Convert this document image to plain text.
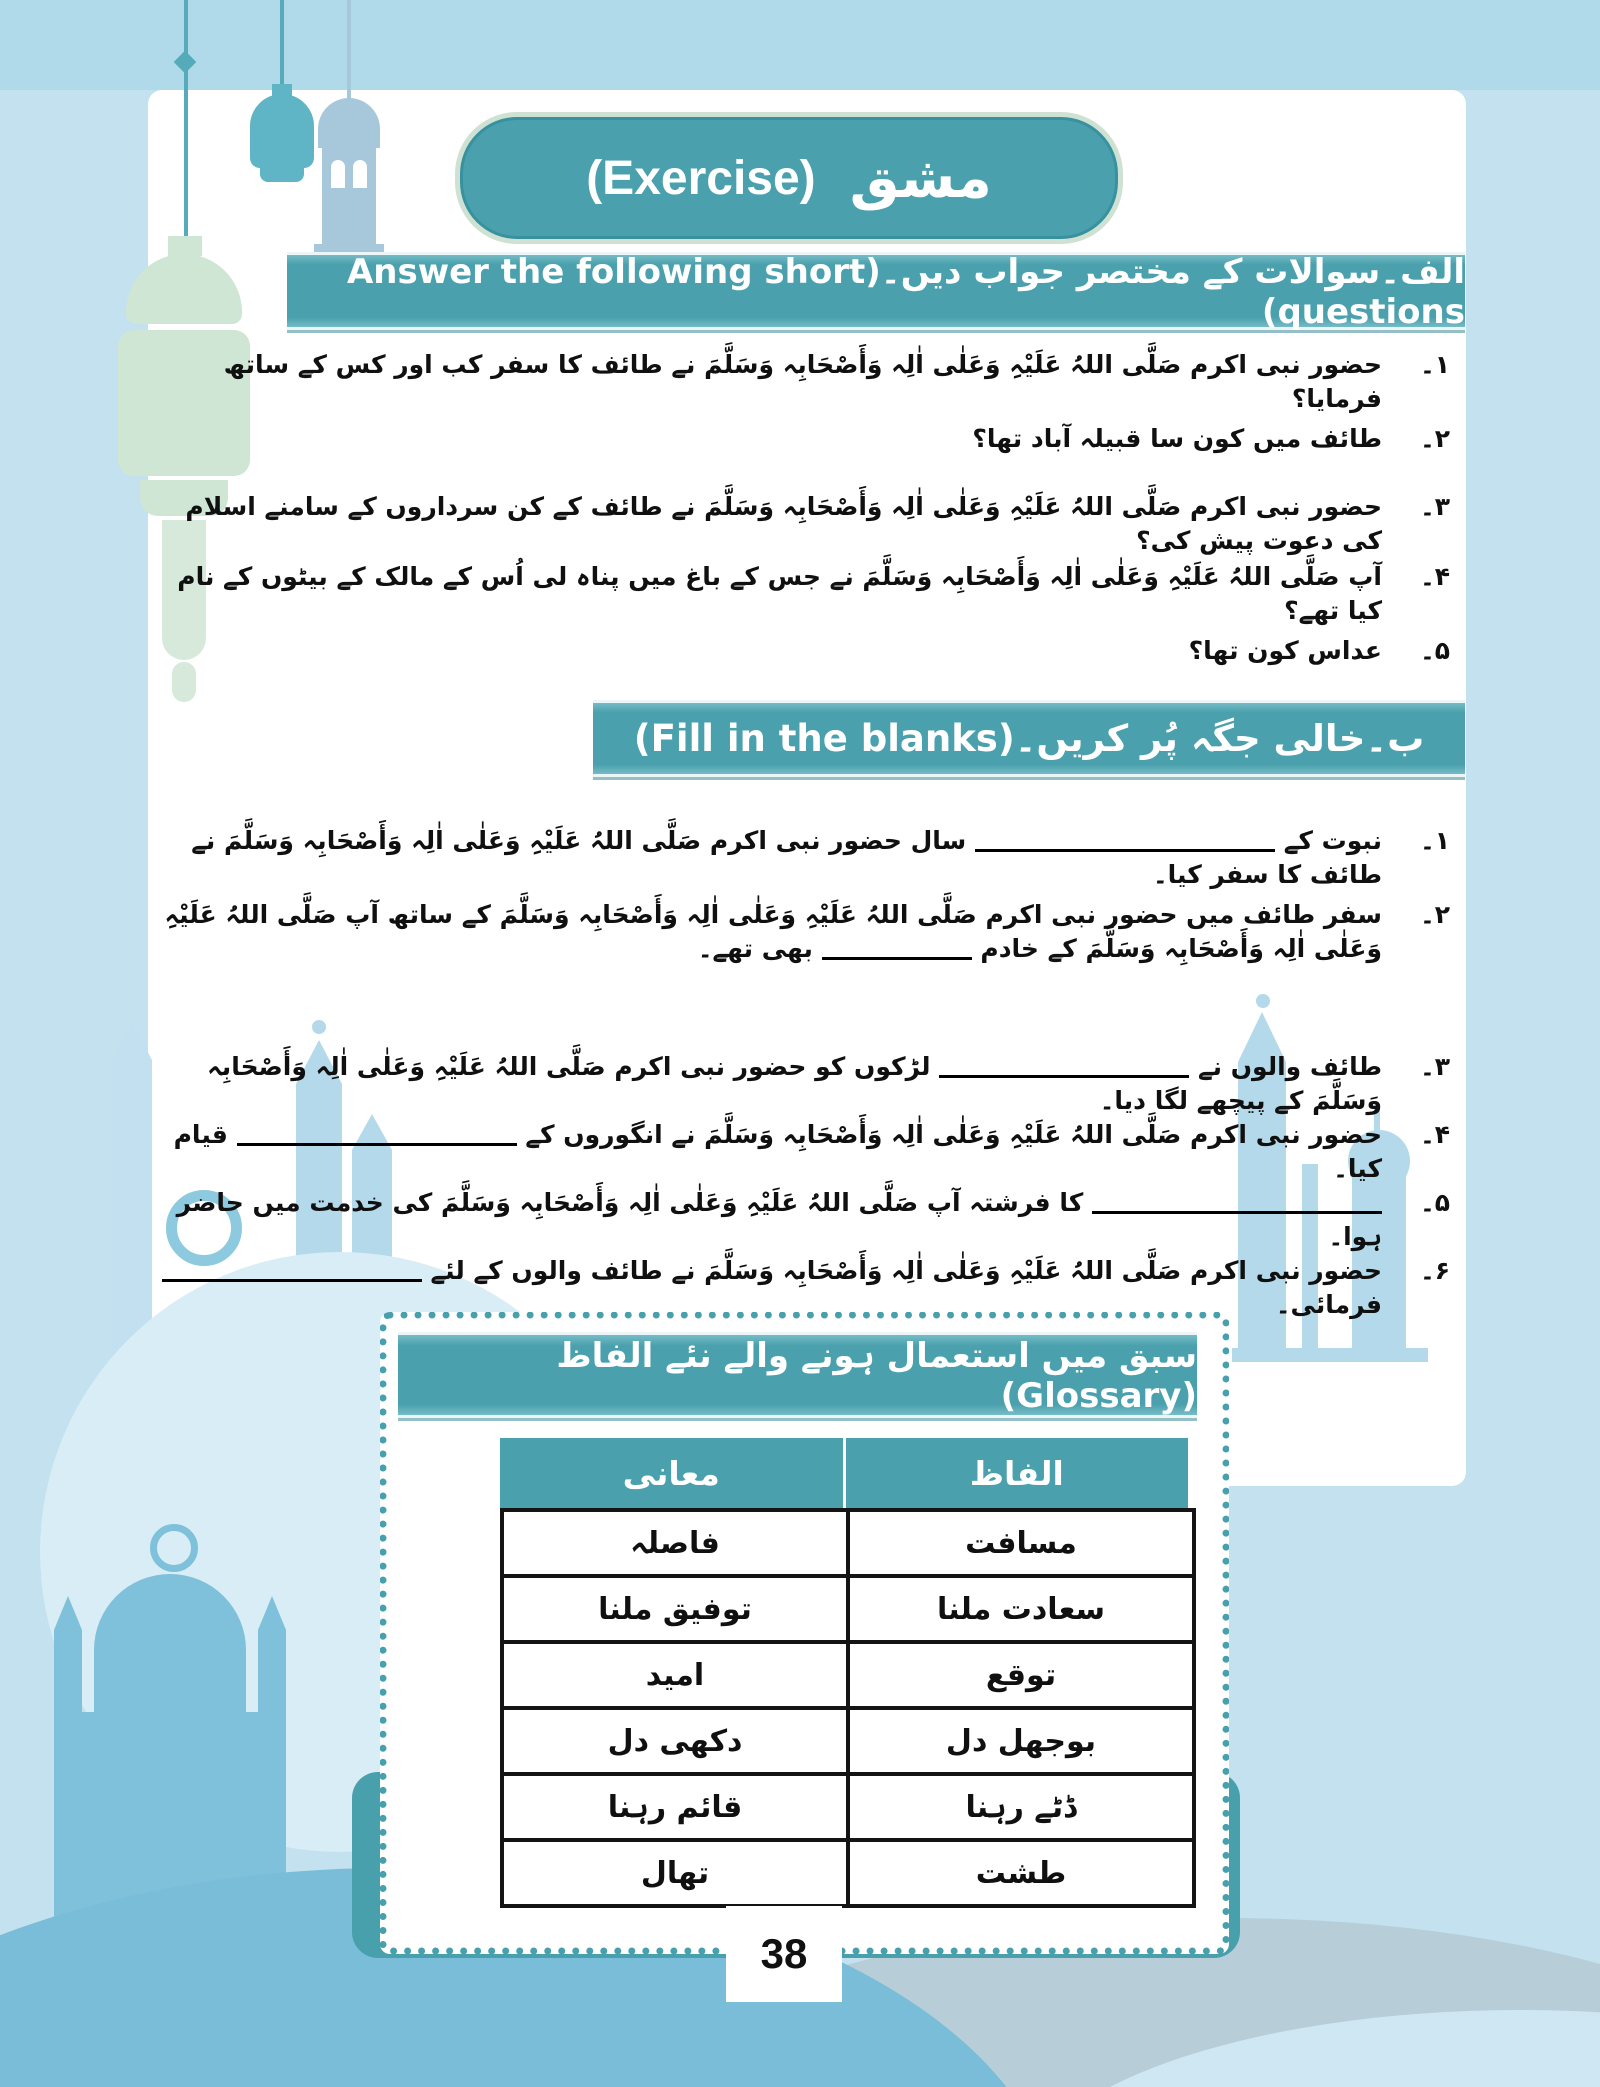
(Exercise) مشق
الف۔سوالات کے مختصر جواب دیں۔(Answer the following short questions)
۱۔
حضور نبی اکرم صَلَّی اللہُ عَلَیْہِ وَعَلٰی اٰلِہ وَأَصْحَابِہ وَسَلَّمَ نے طائف کا سفر کب اور کس کے ساتھ فرمایا؟
۲۔
طائف میں کون سا قبیلہ آباد تھا؟
۳۔
حضور نبی اکرم صَلَّی اللہُ عَلَیْہِ وَعَلٰی اٰلِہ وَأَصْحَابِہ وَسَلَّمَ نے طائف کے کن سرداروں کے سامنے اسلام کی دعوت پیش کی؟
۴۔
آپ صَلَّی اللہُ عَلَیْہِ وَعَلٰی اٰلِہ وَأَصْحَابِہ وَسَلَّمَ نے جس کے باغ میں پناہ لی اُس کے مالک کے بیٹوں کے نام کیا تھے؟
۵۔
عداس کون تھا؟
ب۔خالی جگہ پُر کریں۔(Fill in the blanks)
۱۔
نبوت کے  سال حضور نبی اکرم صَلَّی اللہُ عَلَیْہِ وَعَلٰی اٰلِہ وَأَصْحَابِہ وَسَلَّمَ نے طائف کا سفر کیا۔
۲۔
سفر طائف میں حضور نبی اکرم صَلَّی اللہُ عَلَیْہِ وَعَلٰی اٰلِہ وَأَصْحَابِہ وَسَلَّمَ کے ساتھ آپ صَلَّی اللہُ عَلَیْہِ وَعَلٰی اٰلِہ وَأَصْحَابِہ وَسَلَّمَ کے خادم  بھی تھے۔
۳۔
طائف والوں نے  لڑکوں کو حضور نبی اکرم صَلَّی اللہُ عَلَیْہِ وَعَلٰی اٰلِہ وَأَصْحَابِہ وَسَلَّمَ کے پیچھے لگا دیا۔
۴۔
حضور نبی اکرم صَلَّی اللہُ عَلَیْہِ وَعَلٰی اٰلِہ وَأَصْحَابِہ وَسَلَّمَ نے انگوروں کے  قیام کیا۔
۵۔
کا فرشتہ آپ صَلَّی اللہُ عَلَیْہِ وَعَلٰی اٰلِہ وَأَصْحَابِہ وَسَلَّمَ کی خدمت میں حاضر ہوا۔
۶۔
حضور نبی اکرم صَلَّی اللہُ عَلَیْہِ وَعَلٰی اٰلِہ وَأَصْحَابِہ وَسَلَّمَ نے طائف والوں کے لئے  فرمائی۔
سبق میں استعمال ہونے والے نئے الفاظ (Glossary)
الفاظ
معانی
مسافت
فاصلہ
سعادت ملنا
توفیق ملنا
توقع
امید
بوجھل دل
دکھی دل
ڈٹے رہنا
قائم رہنا
طشت
تھال
38
